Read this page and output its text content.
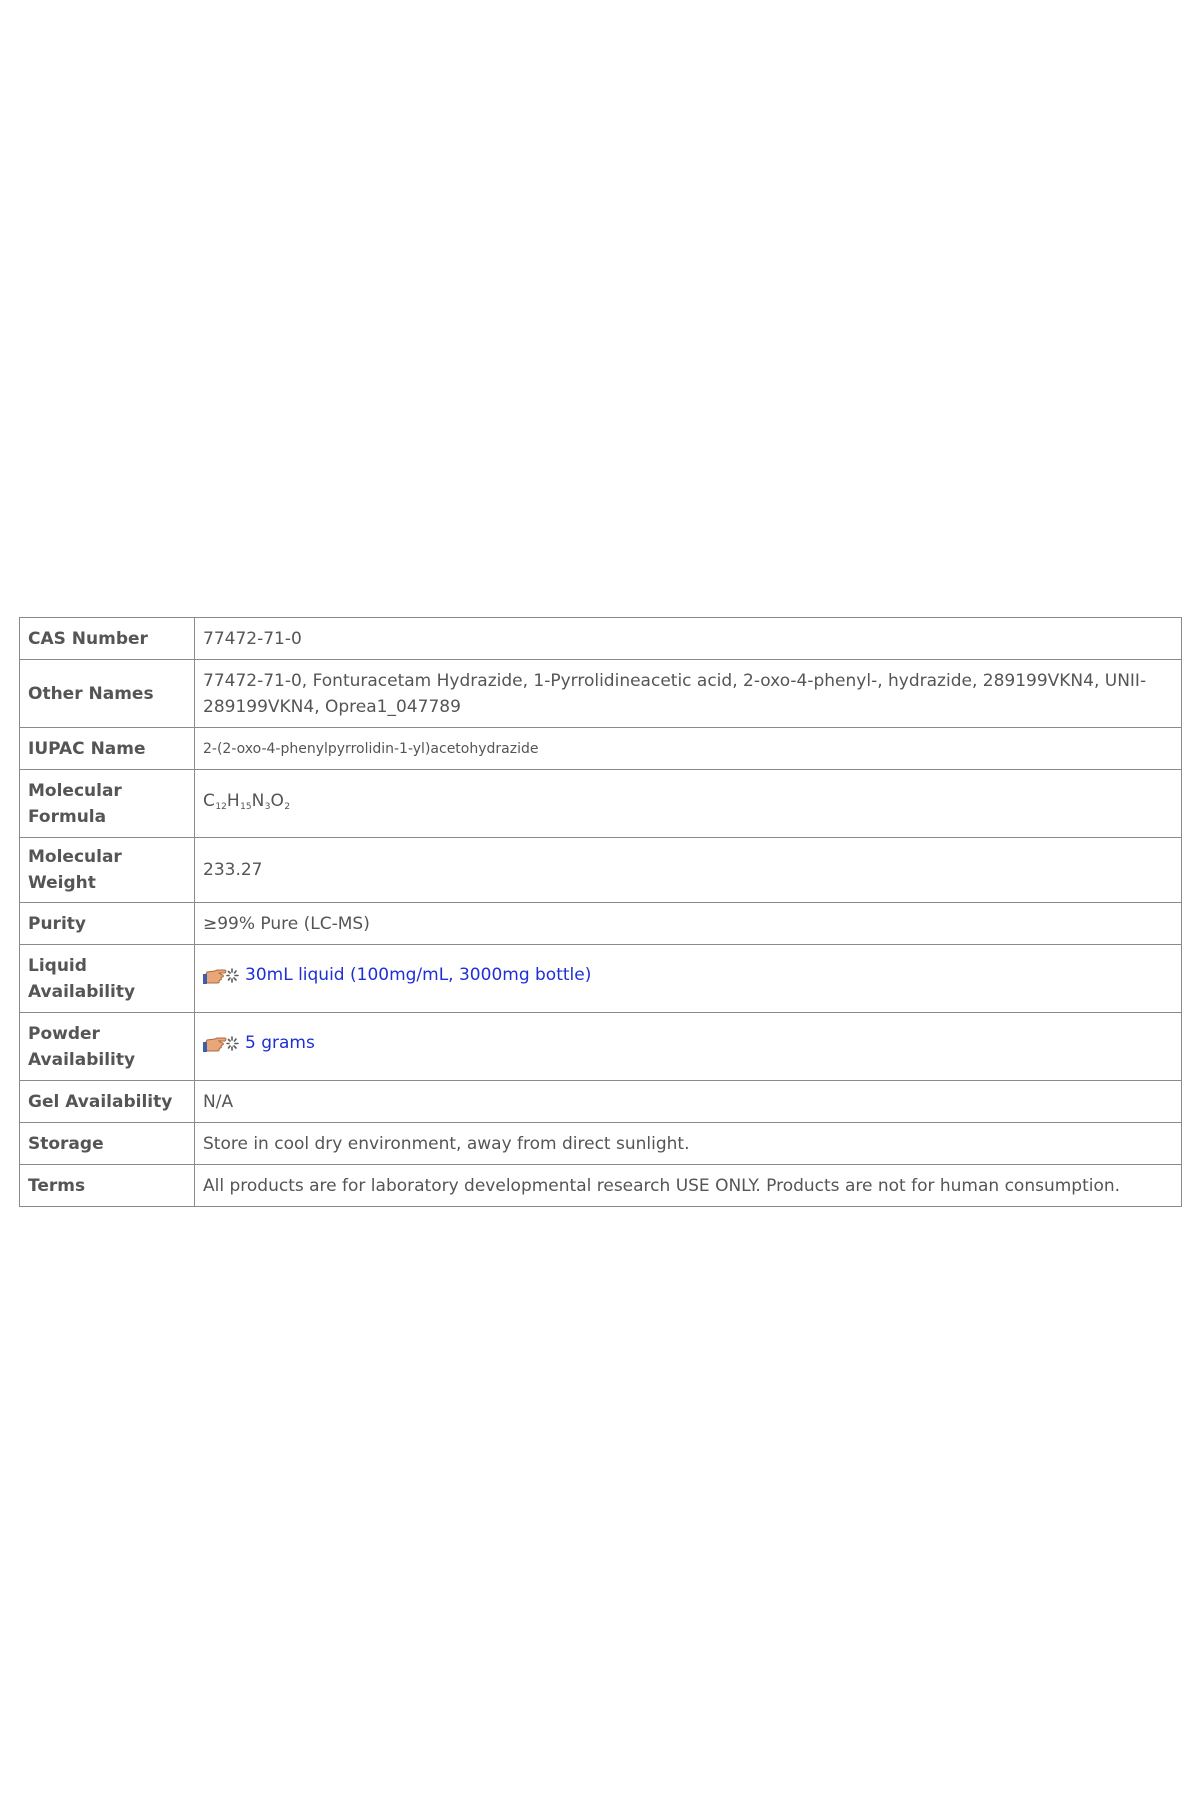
CAS Number	77472-71-0
Other Names	77472-71-0, Fonturacetam Hydrazide, 1-Pyrrolidineacetic acid, 2-oxo-4-phenyl-, hydrazide, 289199VKN4, UNII-289199VKN4, Oprea1_047789
IUPAC Name	2-(2-oxo-4-phenylpyrrolidin-1-yl)acetohydrazide
Molecular Formula	$C_{12}H_{15}N_3O_2$
Molecular Weight	233.27
Purity	≥99% Pure (LC-MS)
Liquid Availability	30mL liquid (100mg/mL, 3000mg bottle)

Powder Availability	5 grams

Gel Availability	N/A
Storage	Store in cool dry environment, away from direct sunlight.
Terms	All products are for laboratory developmental research USE ONLY. Products are not for human consumption.
